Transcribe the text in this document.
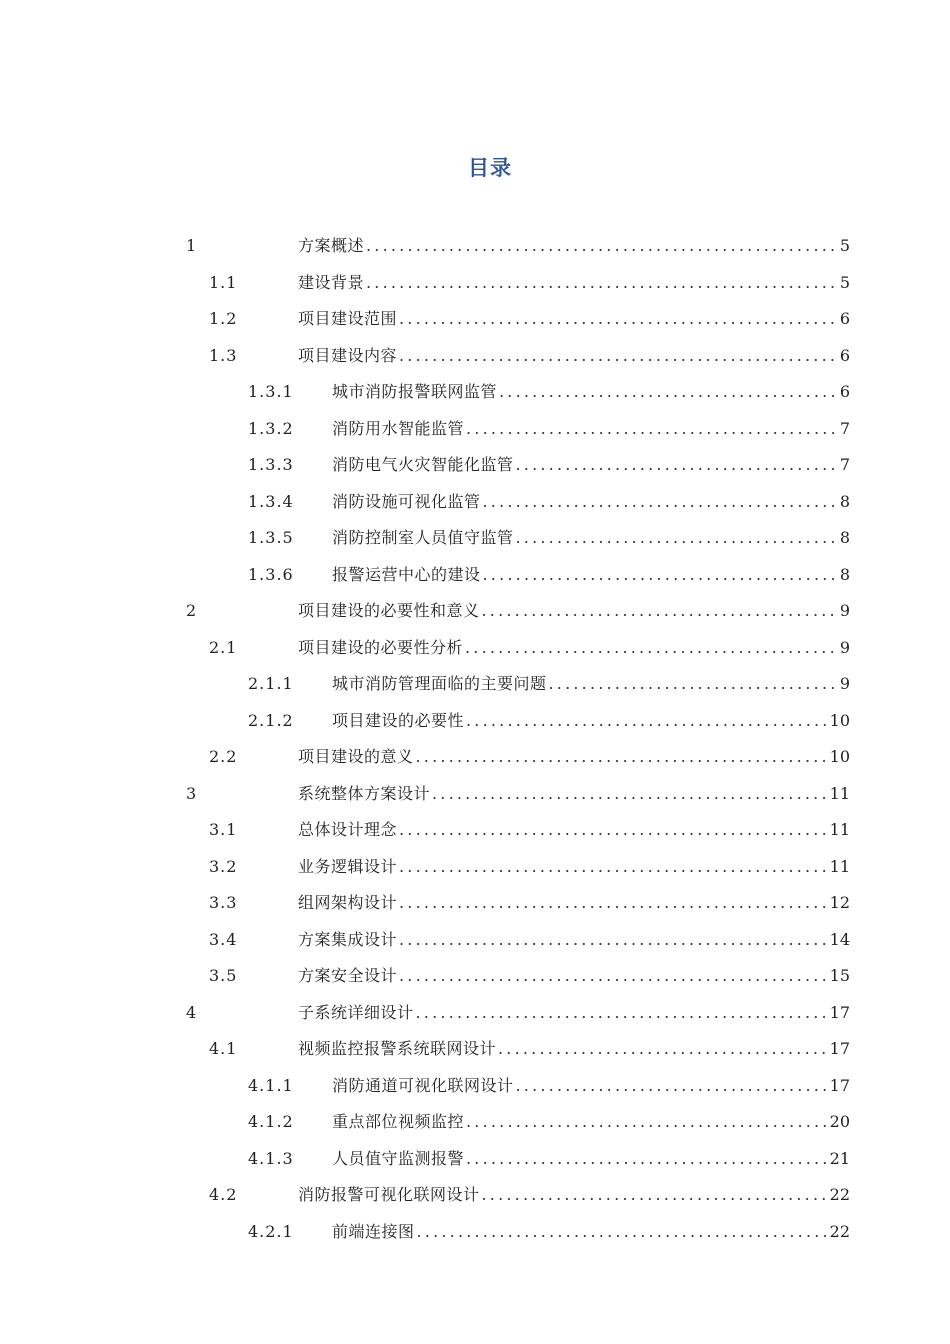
目录
1	方案概述 .....	5
1.1	建设背景 .....	5
1.2	项目建设范围 .....	6
1.3	项目建设内容 .....	6
1.3.1 城市消防报警联网监管 .....	6
1.3.2 消防用水智能监管 .....	7
1.3.3 消防电气火灾智能化监管 .....	7
1.3.4 消防设施可视化监管 .....	8
1.3.5 消防控制室人员值守监管 .....	8
1.3.6 报警运营中心的建设 .....	8
2	项目建设的必要性和意义 .....	9
2.1	项目建设的必要性分析 .....	9
2.1.1 城市消防管理面临的主要问题 .....	9
2.1.2 项目建设的必要性 .....	10
2.2	项目建设的意义 .....	10
3	系统整体方案设计 .....	11
3.1	总体设计理念 .....	11
3.2	业务逻辑设计 .....	11
3.3	组网架构设计 .....	12
3.4	方案集成设计 .....	14
3.5	方案安全设计 .....	15
4	子系统详细设计 .....	17
4.1	视频监控报警系统联网设计 .....	17
4.1.1 消防通道可视化联网设计 .....	17
4.1.2 重点部位视频监控 .....	20
4.1.3 人员值守监测报警 .....	21
4.2	消防报警可视化联网设计 .....	22
4.2.1 前端连接图 .....	22
